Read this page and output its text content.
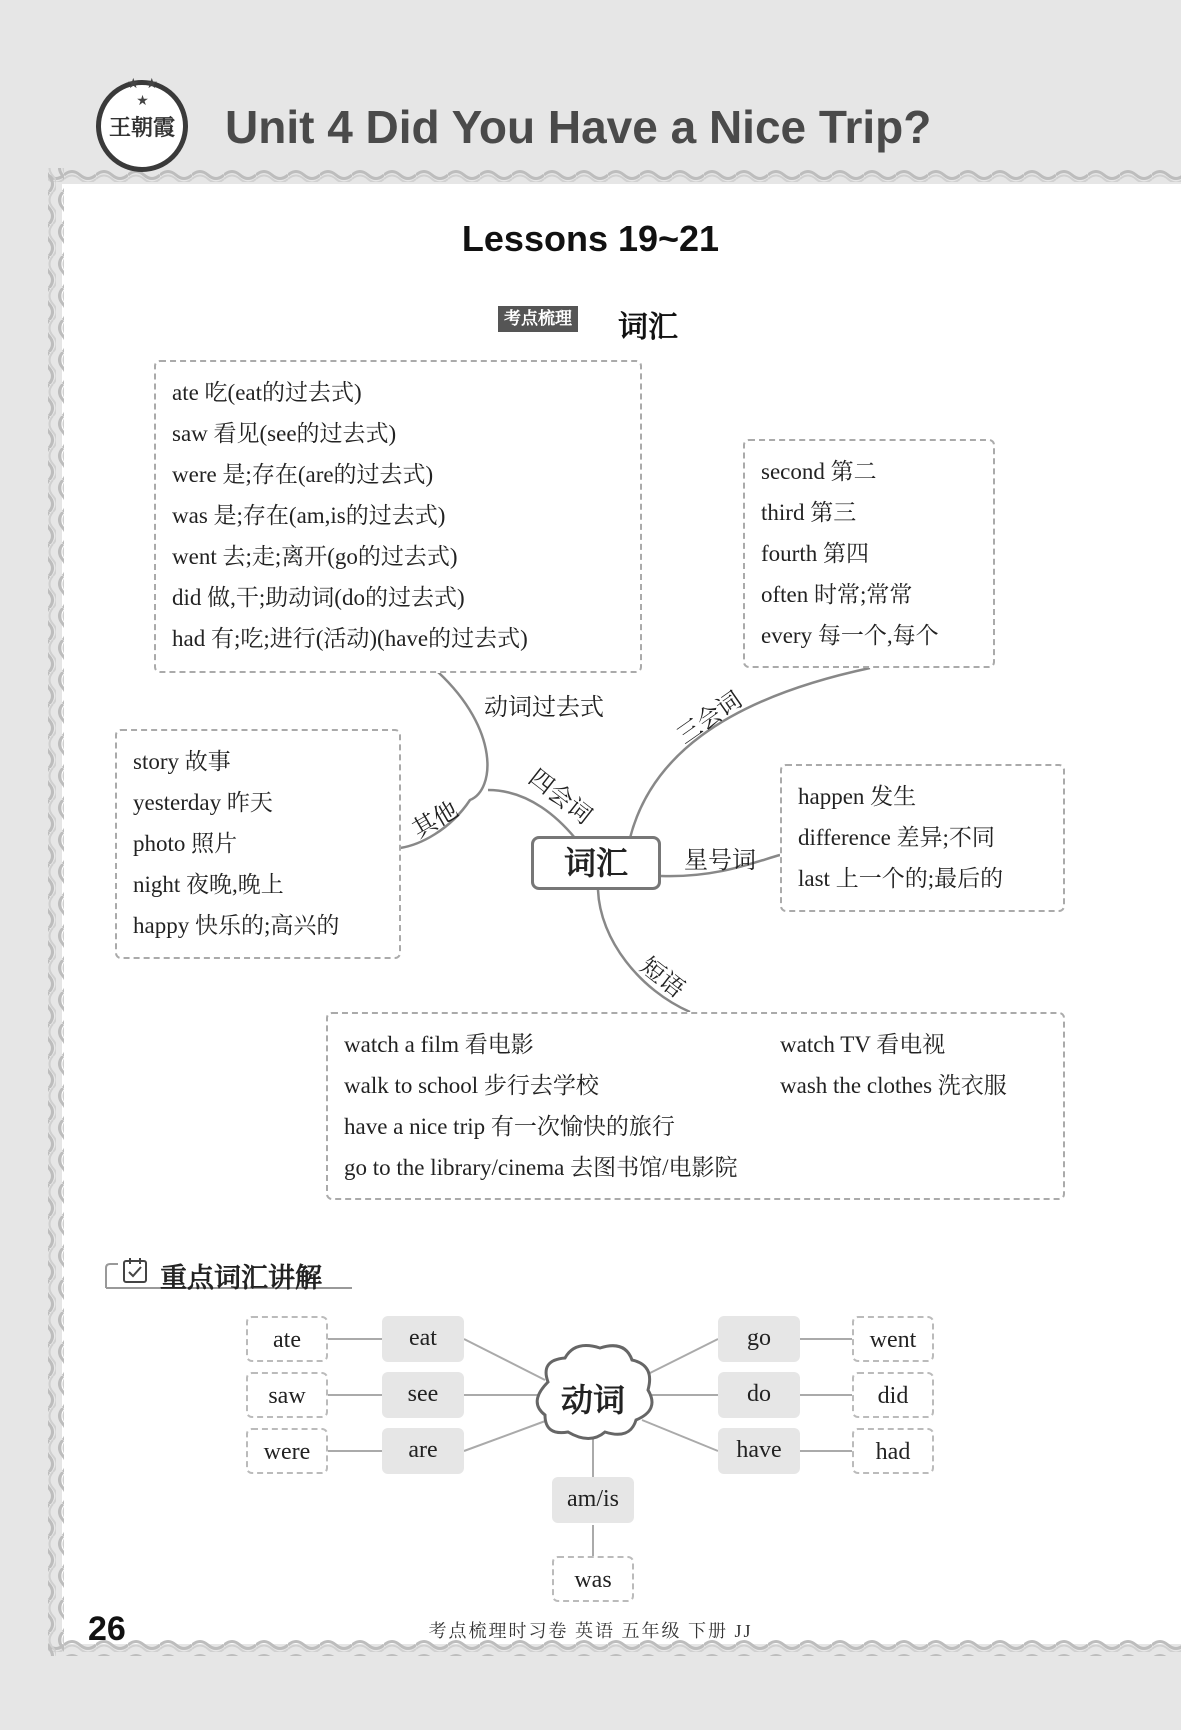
★ ★ ★
王朝霞 Unit 4 Did You Have a Nice Trip?
Lessons 19~21
考点梳理 词汇
ate 吃(eat的过去式)
saw 看见(see的过去式)
were 是;存在(are的过去式)
was 是;存在(am,is的过去式)
went 去;走;离开(go的过去式)
did 做,干;助动词(do的过去式)
had 有;吃;进行(活动)(have的过去式)
second 第二
third 第三
fourth 第四
often 时常;常常
every 每一个,每个
story 故事
yesterday 昨天
photo 照片
night 夜晚,晚上
happy 快乐的;高兴的
happen 发生
difference 差异;不同
last 上一个的;最后的
watch a film 看电影	watch TV 看电视
walk to school 步行去学校	wash the clothes 洗衣服
have a nice trip 有一次愉快的旅行
go to the library/cinema 去图书馆/电影院
动词过去式
四会词
三会词
星号词
短语
其他
词汇
重点词汇讲解
动词
ate
saw
were
eat
see
are
go
do
have
went
did
had
am/is
was
26	考点梳理时习卷 英语 五年级 下册 JJ
